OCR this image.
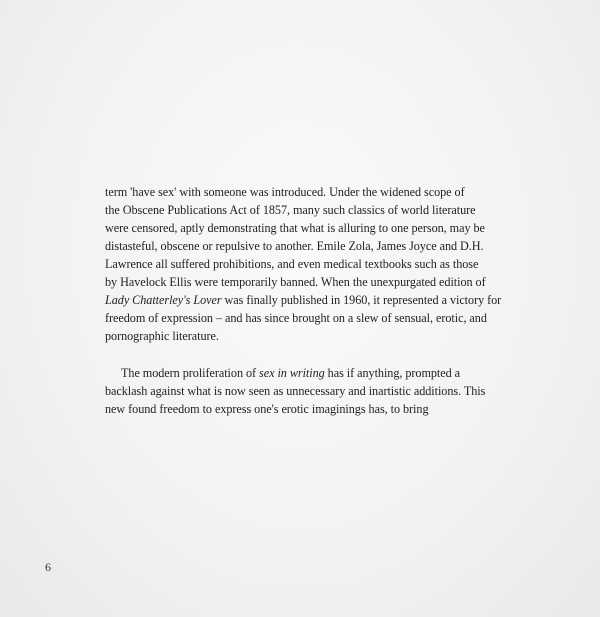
term 'have sex' with someone was introduced. Under the widened scope of
the Obscene Publications Act of 1857, many such classics of world literature
were censored, aptly demonstrating that what is alluring to one person, may be
distasteful, obscene or repulsive to another. Emile Zola, James Joyce and D.H.
Lawrence all suffered prohibitions, and even medical textbooks such as those
by Havelock Ellis were temporarily banned. When the unexpurgated edition of
Lady Chatterley's Lover was finally published in 1960, it represented a victory for
freedom of expression – and has since brought on a slew of sensual, erotic, and
pornographic literature.
The modern proliferation of sex in writing has if anything, prompted a
backlash against what is now seen as unnecessary and inartistic additions. This
new found freedom to express one's erotic imaginings has, to bring
6
